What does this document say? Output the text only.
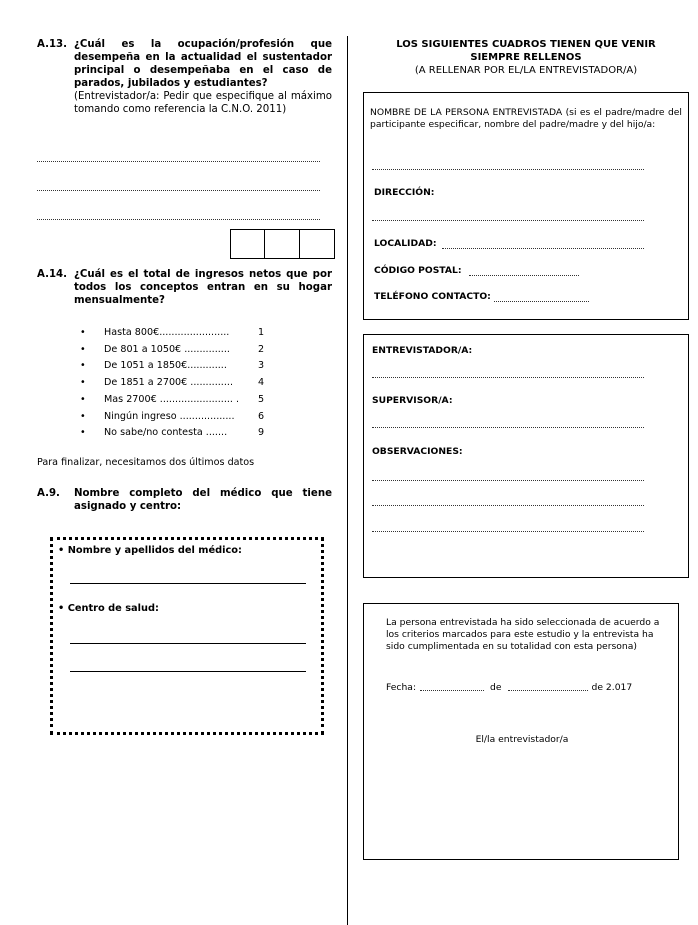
A.13. ¿Cuál es la ocupación/profesión que desempeña en la actualidad el sustentador principal o desempeñaba en el caso de parados, jubilados y estudiantes?
(Entrevistador/a: Pedir que especifique al máximo tomando como referencia la C.N.O. 2011)
A.14. ¿Cuál es el total de ingresos netos que por todos los conceptos entran en su hogar mensualmente?
•	Hasta 800€.......................	1
•	De 801 a 1050€ ...............	2
•	De 1051 a 1850€.............	3
•	De 1851 a 2700€ ..............	4
•	Mas 2700€ ........................ .	5
•	Ningún ingreso ..................	6
•	No sabe/no contesta .......	9
Para finalizar, necesitamos dos últimos datos
A.9. Nombre completo del médico que tiene asignado y centro:
• Nombre y apellidos del médico:
• Centro de salud:
LOS SIGUIENTES CUADROS TIENEN QUE VENIR
SIEMPRE RELLENOS
(A RELLENAR POR EL/LA ENTREVISTADOR/A)
NOMBRE DE LA PERSONA ENTREVISTADA (si es el padre/madre del participante especificar, nombre del padre/madre y del hijo/a:
DIRECCIÓN:
LOCALIDAD:
CÓDIGO POSTAL:
TELÉFONO CONTACTO:
ENTREVISTADOR/A:
SUPERVISOR/A:
OBSERVACIONES:
La persona entrevistada ha sido seleccionada de acuerdo a los criterios marcados para este estudio y la entrevista ha sido cumplimentada en su totalidad con esta persona)
Fecha:	de	de 2.017
El/la entrevistador/a
